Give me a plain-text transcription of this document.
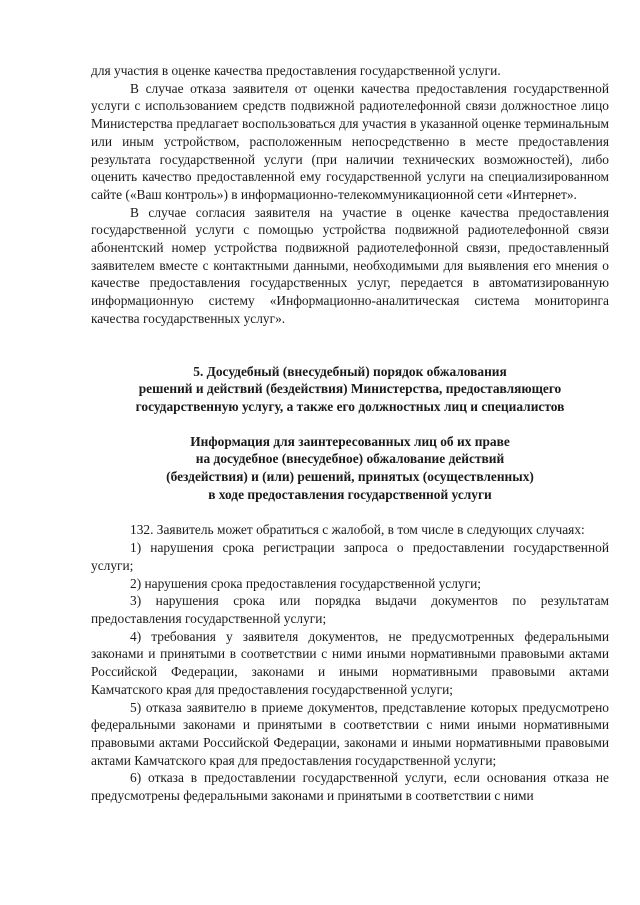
для участия в оценке качества предоставления государственной услуги.

В случае отказа заявителя от оценки качества предоставления государственной услуги с использованием средств подвижной радиотелефонной связи должностное лицо Министерства предлагает воспользоваться для участия в указанной оценке терминальным или иным устройством, расположенным непосредственно в месте предоставления результата государственной услуги (при наличии технических возможностей), либо оценить качество предоставленной ему государственной услуги на специализированном сайте («Ваш контроль») в информационно-телекоммуникационной сети «Интернет».

В случае согласия заявителя на участие в оценке качества предоставления государственной услуги с помощью устройства подвижной радиотелефонной связи абонентский номер устройства подвижной радиотелефонной связи, предоставленный заявителем вместе с контактными данными, необходимыми для выявления его мнения о качестве предоставления государственных услуг, передается в автоматизированную информационную систему «Информационно-аналитическая система мониторинга качества государственных услуг».

5. Досудебный (внесудебный) порядок обжалования

решений и действий (бездействия) Министерства, предоставляющего

государственную услугу, а также его должностных лиц и специалистов

Информация для заинтересованных лиц об их праве

на досудебное (внесудебное) обжалование действий

(бездействия) и (или) решений, принятых (осуществленных)

в ходе предоставления государственной услуги

132. Заявитель может обратиться с жалобой, в том числе в следующих случаях:

1) нарушения срока регистрации запроса о предоставлении государственной услуги;

2) нарушения срока предоставления государственной услуги;

3) нарушения срока или порядка выдачи документов по результатам предоставления государственной услуги;

4) требования у заявителя документов, не предусмотренных федеральными законами и принятыми в соответствии с ними иными нормативными правовыми актами Российской Федерации, законами и иными нормативными правовыми актами Камчатского края для предоставления государственной услуги;

5) отказа заявителю в приеме документов, представление которых предусмотрено федеральными законами и принятыми в соответствии с ними иными нормативными правовыми актами Российской Федерации, законами и иными нормативными правовыми актами Камчатского края для предоставления государственной услуги;

6) отказа в предоставлении государственной услуги, если основания отказа не предусмотрены федеральными законами и принятыми в соответствии с ними
